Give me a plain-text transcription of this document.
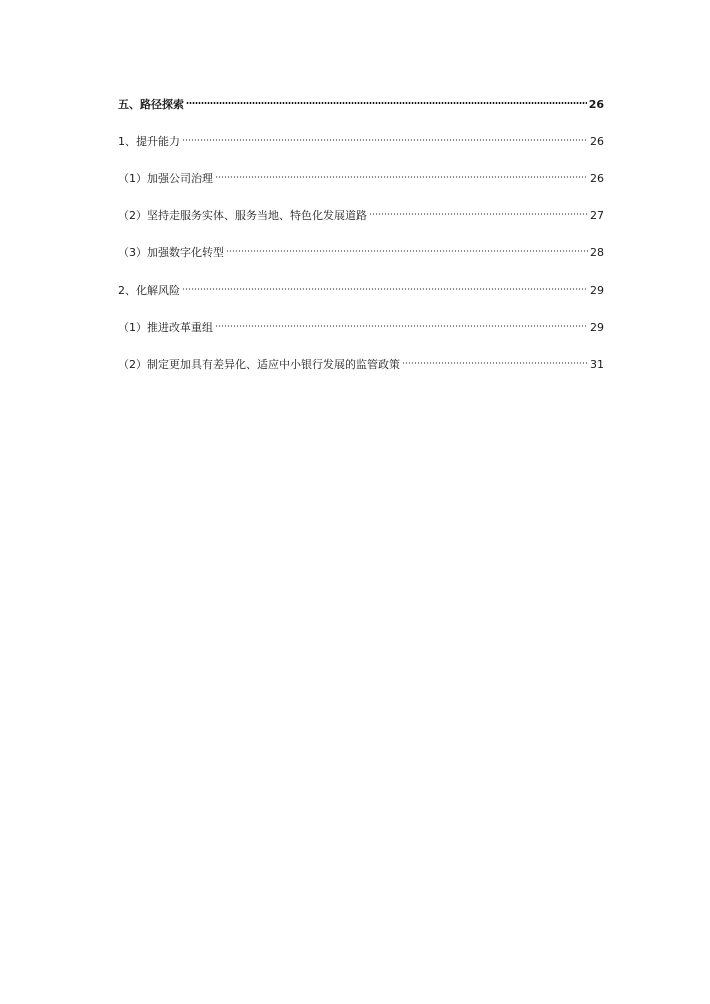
五、路径探索	26
1、提升能力	26
（1）加强公司治理	26
（2）坚持走服务实体、服务当地、特色化发展道路	27
（3）加强数字化转型	28
2、化解风险	29
（1）推进改革重组	29
（2）制定更加具有差异化、适应中小银行发展的监管政策	31
